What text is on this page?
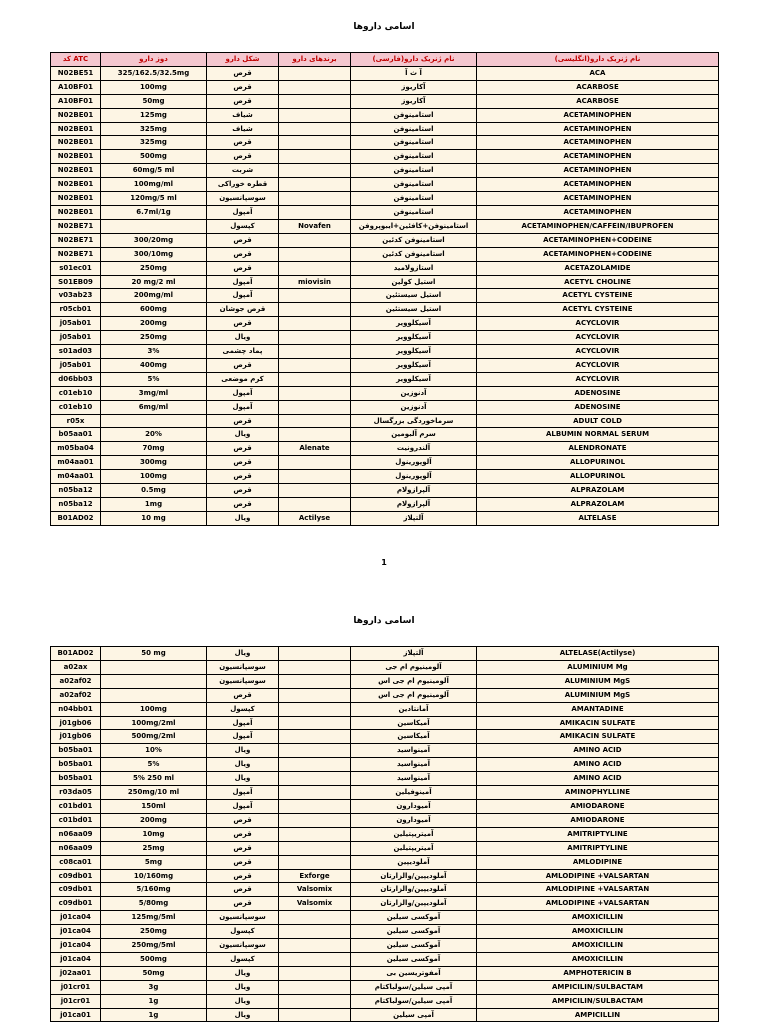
اسامی داروها
کد ATC	دوز دارو	شکل دارو	برندهای دارو	نام ژنریک دارو(فارسی)	نام ژنریک دارو(انگلیسی)
N02BE51	325/162.5/32.5mg	قرص		آ ث آ	ACA
A10BF01	100mg	قرص		آکاربوز	ACARBOSE
A10BF01	50mg	قرص		آکاربوز	ACARBOSE
N02BE01	125mg	شیاف		استامینوفن	ACETAMINOPHEN
N02BE01	325mg	شیاف		استامینوفن	ACETAMINOPHEN
N02BE01	325mg	قرص		استامینوفن	ACETAMINOPHEN
N02BE01	500mg	قرص		استامینوفن	ACETAMINOPHEN
N02BE01	60mg/5 ml	شربت		استامینوفن	ACETAMINOPHEN
N02BE01	100mg/ml	قطره خوراکی		استامینوفن	ACETAMINOPHEN
N02BE01	120mg/5 ml	سوسپانسیون		استامینوفن	ACETAMINOPHEN
N02BE01	6.7ml/1g	آمپول		استامینوفن	ACETAMINOPHEN
N02BE71		کپسول	Novafen	استامینوفن+کافئین+ایبوپروفن	ACETAMINOPHEN/CAFFEIN/IBUPROFEN
N02BE71	300/20mg	قرص		استامینوفن کدئین	ACETAMINOPHEN+CODEINE
N02BE71	300/10mg	قرص		استامینوفن کدئین	ACETAMINOPHEN+CODEINE
s01ec01	250mg	قرص		استازولامید	ACETAZOLAMIDE
S01EB09	20 mg/2 ml	آمپول	miovisin	استیل کولین	ACETYL CHOLINE
v03ab23	200mg/ml	آمپول		استیل سیستئین	ACETYL CYSTEINE
r05cb01	600mg	قرص جوشان		استیل سیستئین	ACETYL CYSTEINE
j05ab01	200mg	قرص		آسیکلوویر	ACYCLOVIR
j05ab01	250mg	ویال		آسیکلوویر	ACYCLOVIR
s01ad03	3%	پماد چشمی		آسیکلوویر	ACYCLOVIR
j05ab01	400mg	قرص		آسیکلوویر	ACYCLOVIR
d06bb03	5%	کرم موضعی		آسیکلوویر	ACYCLOVIR
c01eb10	3mg/ml	آمپول		آدنوزین	ADENOSINE
c01eb10	6mg/ml	آمپول		آدنوزین	ADENOSINE
r05x		قرص		سرماخوردگی بزرگسال	ADULT COLD
b05aa01	20%	ویال		سرم آلبومین	ALBUMIN NORMAL SERUM
m05ba04	70mg	قرص	Alenate	آلندرونیت	ALENDRONATE
m04aa01	300mg	قرص		آلوپورینول	ALLOPURINOL
m04aa01	100mg	قرص		آلوپورینول	ALLOPURINOL
n05ba12	0.5mg	قرص		آلپرازولام	ALPRAZOLAM
n05ba12	1mg	قرص		آلپرازولام	ALPRAZOLAM
B01AD02	10 mg	ویال	Actilyse	آلتپلاز	ALTELASE
1
اسامی داروها
B01AD02	50 mg	ویال		آلتپلاز	ALTELASE(Actilyse)
a02ax		سوسپانسیون		آلومینیوم ام جی	ALUMINIUM Mg
a02af02		سوسپانسیون		آلومینیوم ام جی اس	ALUMINIUM MgS
a02af02		قرص		آلومینیوم ام جی اس	ALUMINIUM MgS
n04bb01	100mg	کپسول		آمانتادین	AMANTADINE
j01gb06	100mg/2ml	آمپول		آمیکاسین	AMIKACIN SULFATE
j01gb06	500mg/2ml	آمپول		آمیکاسین	AMIKACIN SULFATE
b05ba01	10%	ویال		آمینواسید	AMINO ACID
b05ba01	5%	ویال		آمینواسید	AMINO ACID
b05ba01	5% 250 ml	ویال		آمینواسید	AMINO ACID
r03da05	250mg/10 ml	آمپول		آمینوفیلین	AMINOPHYLLINE
c01bd01	150ml	آمپول		آمیودارون	AMIODARONE
c01bd01	200mg	قرص		آمیودارون	AMIODARONE
n06aa09	10mg	قرص		آمیتریپتیلین	AMITRIPTYLINE
n06aa09	25mg	قرص		آمیتریپتیلین	AMITRIPTYLINE
c08ca01	5mg	قرص		آملودیپین	AMLODIPINE
c09db01	10/160mg	قرص	Exforge	آملودیپین/والزارتان	AMLODIPINE +VALSARTAN
c09db01	5/160mg	قرص	Valsomix	آملودیپین/والزارتان	AMLODIPINE +VALSARTAN
c09db01	5/80mg	قرص	Valsomix	آملودیپین/والزارتان	AMLODIPINE +VALSARTAN
j01ca04	125mg/5ml	سوسپانسیون		آموکسی سیلین	AMOXICILLIN
j01ca04	250mg	کپسول		آموکسی سیلین	AMOXICILLIN
j01ca04	250mg/5ml	سوسپانسیون		آموکسی سیلین	AMOXICILLIN
j01ca04	500mg	کپسول		آموکسی سیلین	AMOXICILLIN
j02aa01	50mg	ویال		آمفوتریسین بی	AMPHOTERICIN B
j01cr01	3g	ویال		آمپی سیلین/سولباکتام	AMPICILIN/SULBACTAM
j01cr01	1g	ویال		آمپی سیلین/سولباکتام	AMPICILIN/SULBACTAM
j01ca01	1g	ویال		آمپی سیلین	AMPICILLIN
